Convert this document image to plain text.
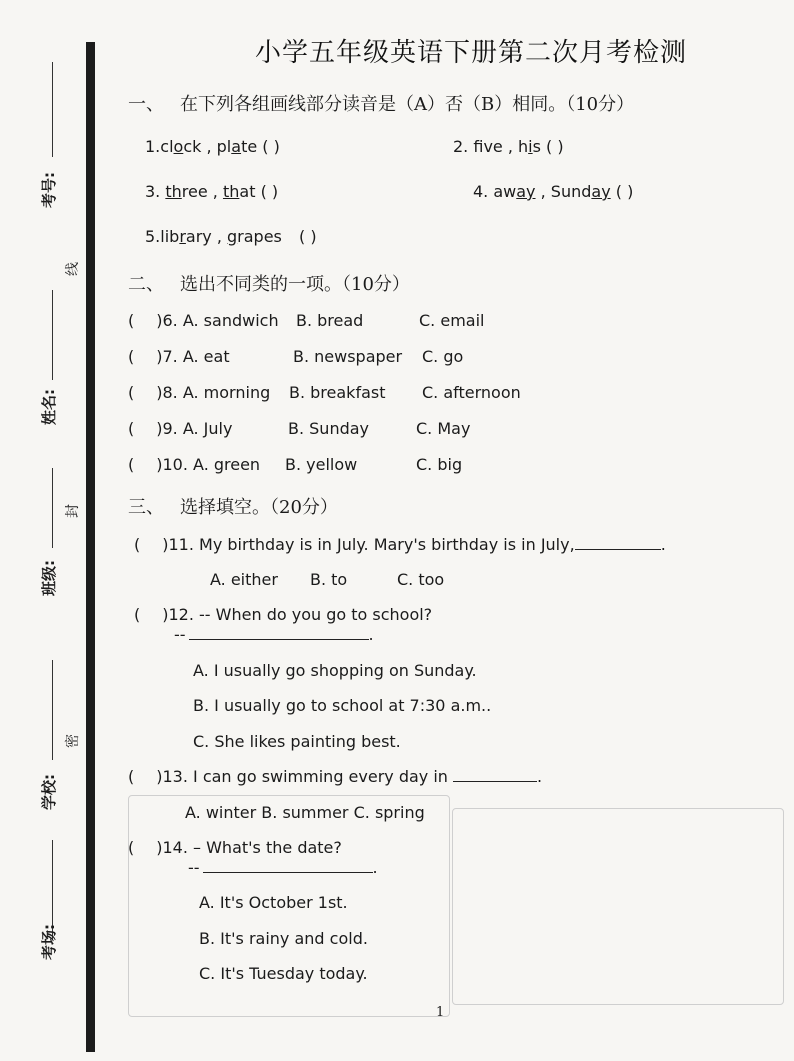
考号:
线
姓名:
封
班级:
密
学校:
考场:
小学五年级英语下册第二次月考检测
一、 在下列各组画线部分读音是（A）否（B）相同。（10分）
1.clock , plate ( )	2. fve , his ( )
3. three , that ( )	4. away , Sunday ( )
5.library , grapes ( )
二、 选出不同类的一项。（10分）
( )6. A. sandwich B. bread	C. email
( )7. A. eat	B. newspaper C. go
( )8. A. morning B. breakfast C. afternoon
( )9. A. July	B. Sunday	C. May
( )10. A. green B. yellow	C. big
三、 选择填空。（20分）
( )11. My birthday is in July. Mary's birthday is in July,	.
A. either B. to	C. too
( )12. -- When do you go to school?
--	.
A. I usually go shopping on Sunday.
B. I usually go to school at 7:30 a.m..
C. She likes painting best.
( )13. I can go swimming every day in	.
A. winter B. summer C. spring
( )14. – What's the date?
--	.
A. It's October 1st.
B. It's rainy and cold.
C. It's Tuesday today.
1
